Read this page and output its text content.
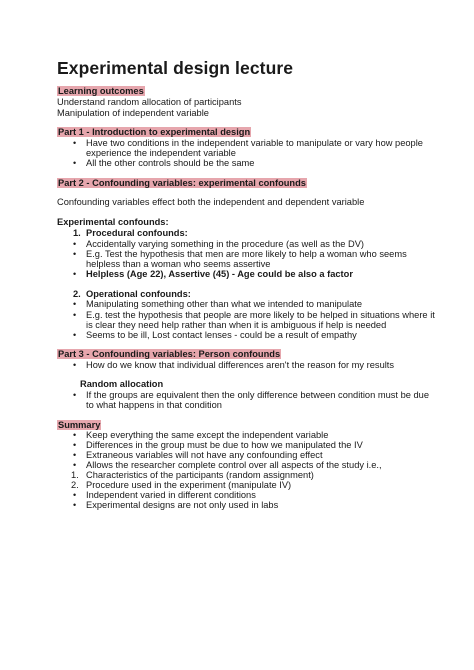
Experimental design lecture
Learning outcomes
Understand random allocation of participants
Manipulation of independent variable
Part 1 - Introduction to experimental design
• Have two conditions in the independent variable to manipulate or vary how people
experience the independent variable
• All the other controls should be the same
Part 2 - Confounding variables: experimental confounds
Confounding variables effect both the independent and dependent variable
Experimental confounds:
1. Procedural confounds:
• Accidentally varying something in the procedure (as well as the DV)
• E.g. Test the hypothesis that men are more likely to help a woman who seems
helpless than a woman who seems assertive
• Helpless (Age 22), Assertive (45) - Age could be also a factor
2. Operational confounds:
• Manipulating something other than what we intended to manipulate
• E.g. test the hypothesis that people are more likely to be helped in situations where it
is clear they need help rather than when it is ambiguous if help is needed
• Seems to be ill, Lost contact lenses - could be a result of empathy
Part 3 - Confounding variables: Person confounds
• How do we know that individual differences aren't the reason for my results
Random allocation
• If the groups are equivalent then the only difference between condition must be due
to what happens in that condition
Summary
• Keep everything the same except the independent variable
• Differences in the group must be due to how we manipulated the IV
• Extraneous variables will not have any confounding effect
• Allows the researcher complete control over all aspects of the study i.e.,
1. Characteristics of the participants (random assignment)
2. Procedure used in the experiment (manipulate IV)
• Independent varied in different conditions
• Experimental designs are not only used in labs
